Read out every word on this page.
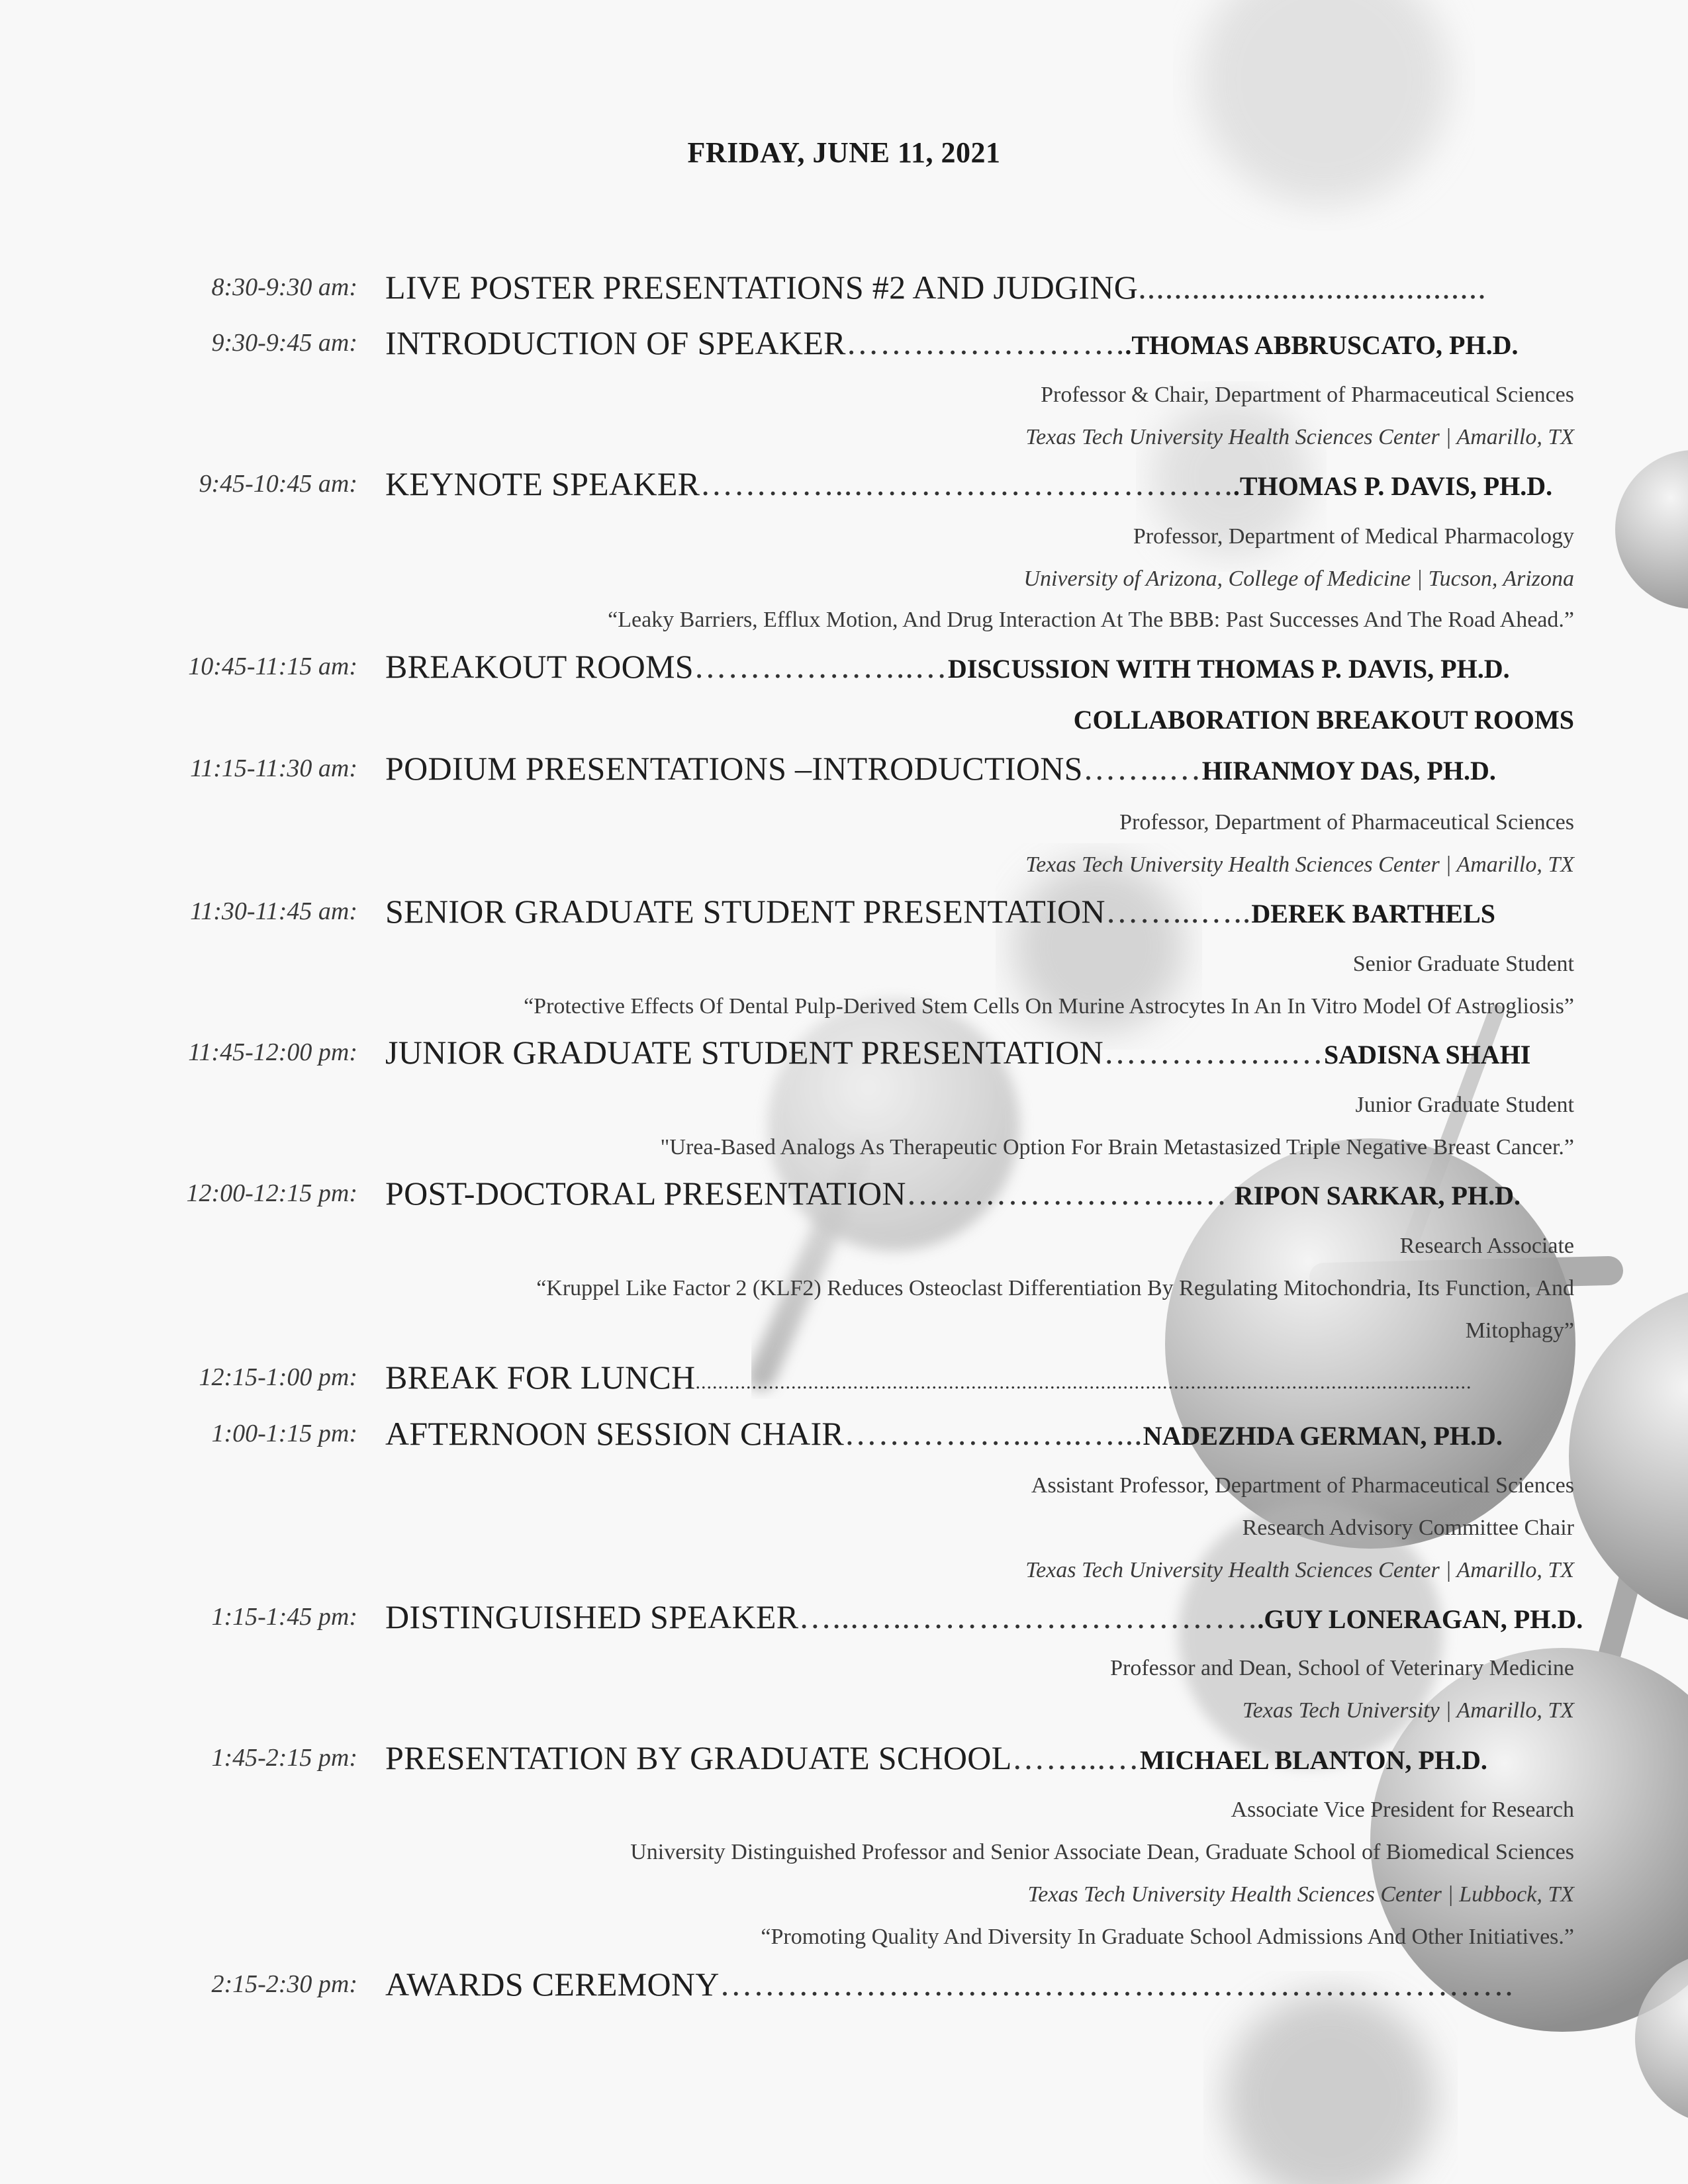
FRIDAY, JUNE 11, 2021
8:30-9:30 am: LIVE POSTER PRESENTATIONS #2 AND JUDGING.......................................
9:30-9:45 am: INTRODUCTION OF SPEAKER……………………..THOMAS ABBRUSCATO, PH.D.
Professor & Chair, Department of Pharmaceutical Sciences
Texas Tech University Health Sciences Center | Amarillo, TX
9:45-10:45 am: KEYNOTE SPEAKER…………..……………………………..THOMAS P. DAVIS, PH.D.
Professor, Department of Medical Pharmacology
University of Arizona, College of Medicine | Tucson, Arizona
“Leaky Barriers, Efflux Motion, And Drug Interaction At The BBB: Past Successes And The Road Ahead.”
10:45-11:15 am: BREAKOUT ROOMS………………..…DISCUSSION WITH THOMAS P. DAVIS, PH.D.
COLLABORATION BREAKOUT ROOMS
11:15-11:30 am: PODIUM PRESENTATIONS –INTRODUCTIONS……..…HIRANMOY DAS, PH.D.
Professor, Department of Pharmaceutical Sciences
Texas Tech University Health Sciences Center | Amarillo, TX
11:30-11:45 am: SENIOR GRADUATE STUDENT PRESENTATION……...…..DEREK BARTHELS
Senior Graduate Student
“Protective Effects Of Dental Pulp-Derived Stem Cells On Murine Astrocytes In An In Vitro Model Of Astrogliosis”
11:45-12:00 pm: JUNIOR GRADUATE STUDENT PRESENTATION……………..…SADISNA SHAHI
Junior Graduate Student
"Urea-Based Analogs As Therapeutic Option For Brain Metastasized Triple Negative Breast Cancer.”
12:00-12:15 pm: POST-DOCTORAL PRESENTATION……………………..… RIPON SARKAR, PH.D.
Research Associate
“Kruppel Like Factor 2 (KLF2) Reduces Osteoclast Differentiation By Regulating Mitochondria, Its Function, And
Mitophagy”
12:15-1:00 pm: BREAK FOR LUNCH..........................................................................................................................................
1:00-1:15 pm: AFTERNOON SESSION CHAIR……………..…..…...NADEZHDA GERMAN, PH.D.
Assistant Professor, Department of Pharmaceutical Sciences
Research Advisory Committee Chair
Texas Tech University Health Sciences Center | Amarillo, TX
1:15-1:45 pm: DISTINGUISHED SPEAKER…...…..…………………………..GUY LONERAGAN, PH.D.
Professor and Dean, School of Veterinary Medicine
Texas Tech University | Amarillo, TX
1:45-2:15 pm: PRESENTATION BY GRADUATE SCHOOL……...…MICHAEL BLANTON, PH.D.
Associate Vice President for Research
University Distinguished Professor and Senior Associate Dean, Graduate School of Biomedical Sciences
Texas Tech University Health Sciences Center | Lubbock, TX
“Promoting Quality And Diversity In Graduate School Admissions And Other Initiatives.”
2:15-2:30 pm: AWARDS CEREMONY……………………….…………………………………….
